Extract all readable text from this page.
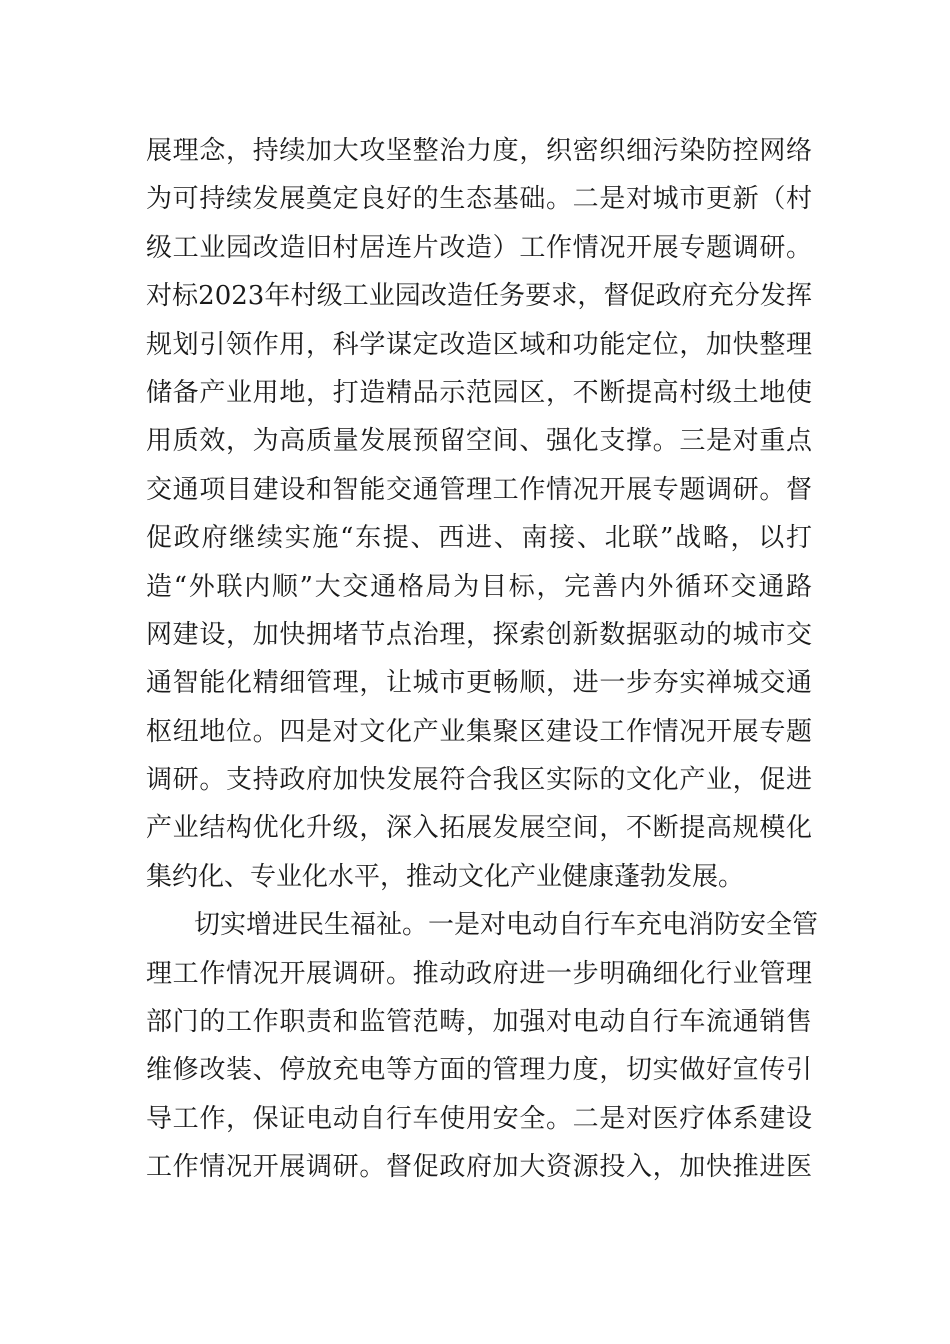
展理念，持续加大攻坚整治力度，织密织细污染防控网络
为可持续发展奠定良好的生态基础。二是对城市更新（村
级工业园改造旧村居连片改造）工作情况开展专题调研。
对标2023年村级工业园改造任务要求，督促政府充分发挥
规划引领作用，科学谋定改造区域和功能定位，加快整理
储备产业用地，打造精品示范园区，不断提高村级土地使
用质效，为高质量发展预留空间、强化支撑。三是对重点
交通项目建设和智能交通管理工作情况开展专题调研。督
促政府继续实施“东提、西进、南接、北联”战略，以打
造“外联内顺”大交通格局为目标，完善内外循环交通路
网建设，加快拥堵节点治理，探索创新数据驱动的城市交
通智能化精细管理，让城市更畅顺，进一步夯实禅城交通
枢纽地位。四是对文化产业集聚区建设工作情况开展专题
调研。支持政府加快发展符合我区实际的文化产业，促进
产业结构优化升级，深入拓展发展空间，不断提高规模化
集约化、专业化水平，推动文化产业健康蓬勃发展。
切实增进民生福祉。一是对电动自行车充电消防安全管
理工作情况开展调研。推动政府进一步明确细化行业管理
部门的工作职责和监管范畴，加强对电动自行车流通销售
维修改装、停放充电等方面的管理力度，切实做好宣传引
导工作，保证电动自行车使用安全。二是对医疗体系建设
工作情况开展调研。督促政府加大资源投入，加快推进医
